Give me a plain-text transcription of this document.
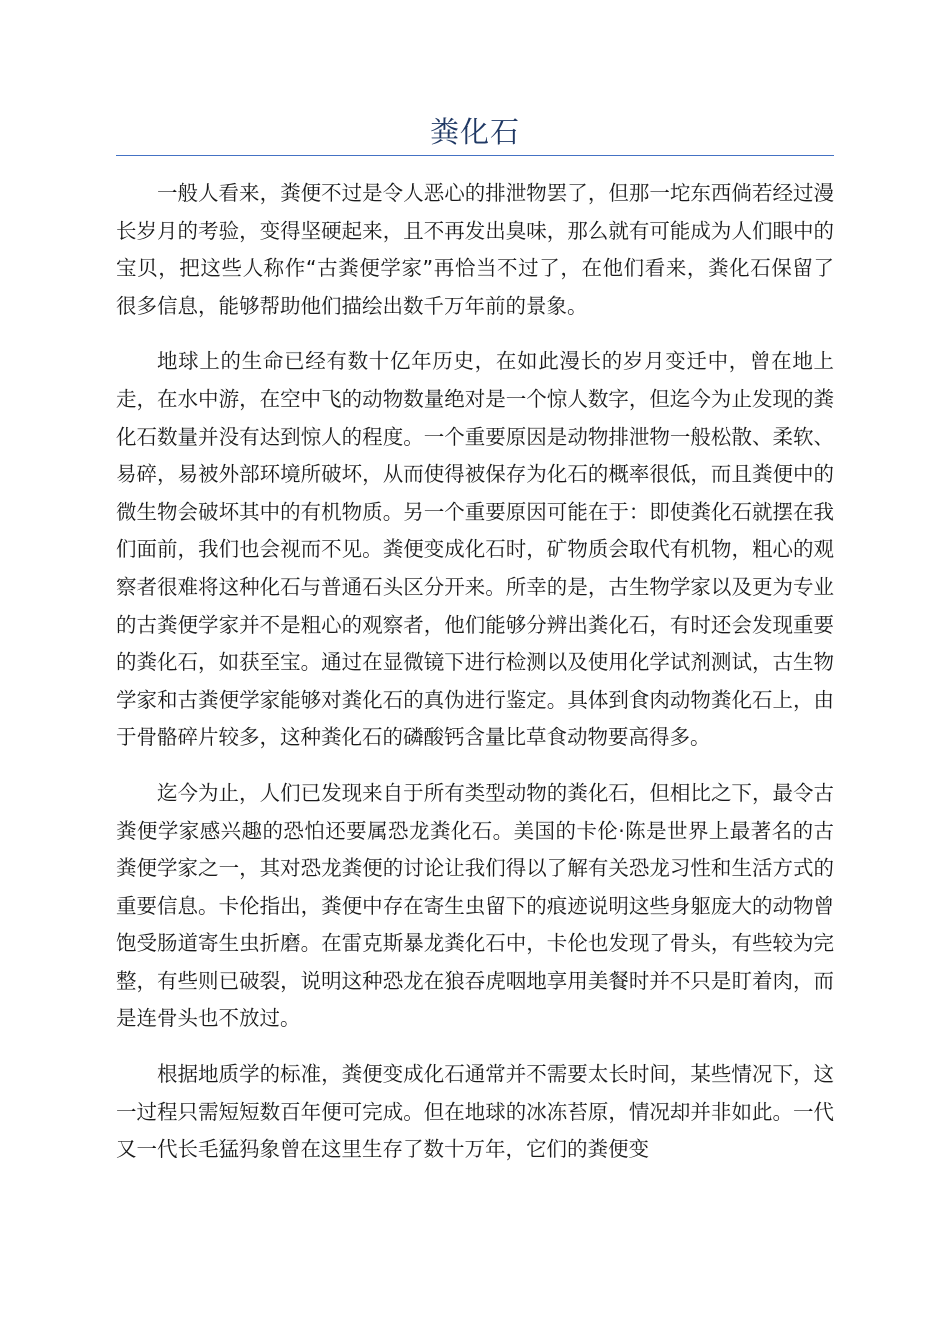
粪化石

一般人看来，粪便不过是令人恶心的排泄物罢了，但那一坨东西倘若经过漫长岁月的考验，变得坚硬起来，且不再发出臭味，那么就有可能成为人们眼中的宝贝，把这些人称作“古粪便学家”再恰当不过了，在他们看来，粪化石保留了很多信息，能够帮助他们描绘出数千万年前的景象。

地球上的生命已经有数十亿年历史，在如此漫长的岁月变迁中，曾在地上走，在水中游，在空中飞的动物数量绝对是一个惊人数字，但迄今为止发现的粪化石数量并没有达到惊人的程度。一个重要原因是动物排泄物一般松散、柔软、易碎，易被外部环境所破坏，从而使得被保存为化石的概率很低，而且粪便中的微生物会破坏其中的有机物质。另一个重要原因可能在于：即使粪化石就摆在我们面前，我们也会视而不见。粪便变成化石时，矿物质会取代有机物，粗心的观察者很难将这种化石与普通石头区分开来。所幸的是，古生物学家以及更为专业的古粪便学家并不是粗心的观察者，他们能够分辨出粪化石，有时还会发现重要的粪化石，如获至宝。通过在显微镜下进行检测以及使用化学试剂测试，古生物学家和古粪便学家能够对粪化石的真伪进行鉴定。具体到食肉动物粪化石上，由于骨骼碎片较多，这种粪化石的磷酸钙含量比草食动物要高得多。

迄今为止，人们已发现来自于所有类型动物的粪化石，但相比之下，最令古粪便学家感兴趣的恐怕还要属恐龙粪化石。美国的卡伦·陈是世界上最著名的古粪便学家之一，其对恐龙粪便的讨论让我们得以了解有关恐龙习性和生活方式的重要信息。卡伦指出，粪便中存在寄生虫留下的痕迹说明这些身躯庞大的动物曾饱受肠道寄生虫折磨。在雷克斯暴龙粪化石中，卡伦也发现了骨头，有些较为完整，有些则已破裂，说明这种恐龙在狼吞虎咽地享用美餐时并不只是盯着肉，而是连骨头也不放过。

根据地质学的标准，粪便变成化石通常并不需要太长时间，某些情况下，这一过程只需短短数百年便可完成。但在地球的冰冻苔原，情况却并非如此。一代又一代长毛猛犸象曾在这里生存了数十万年，它们的粪便变
